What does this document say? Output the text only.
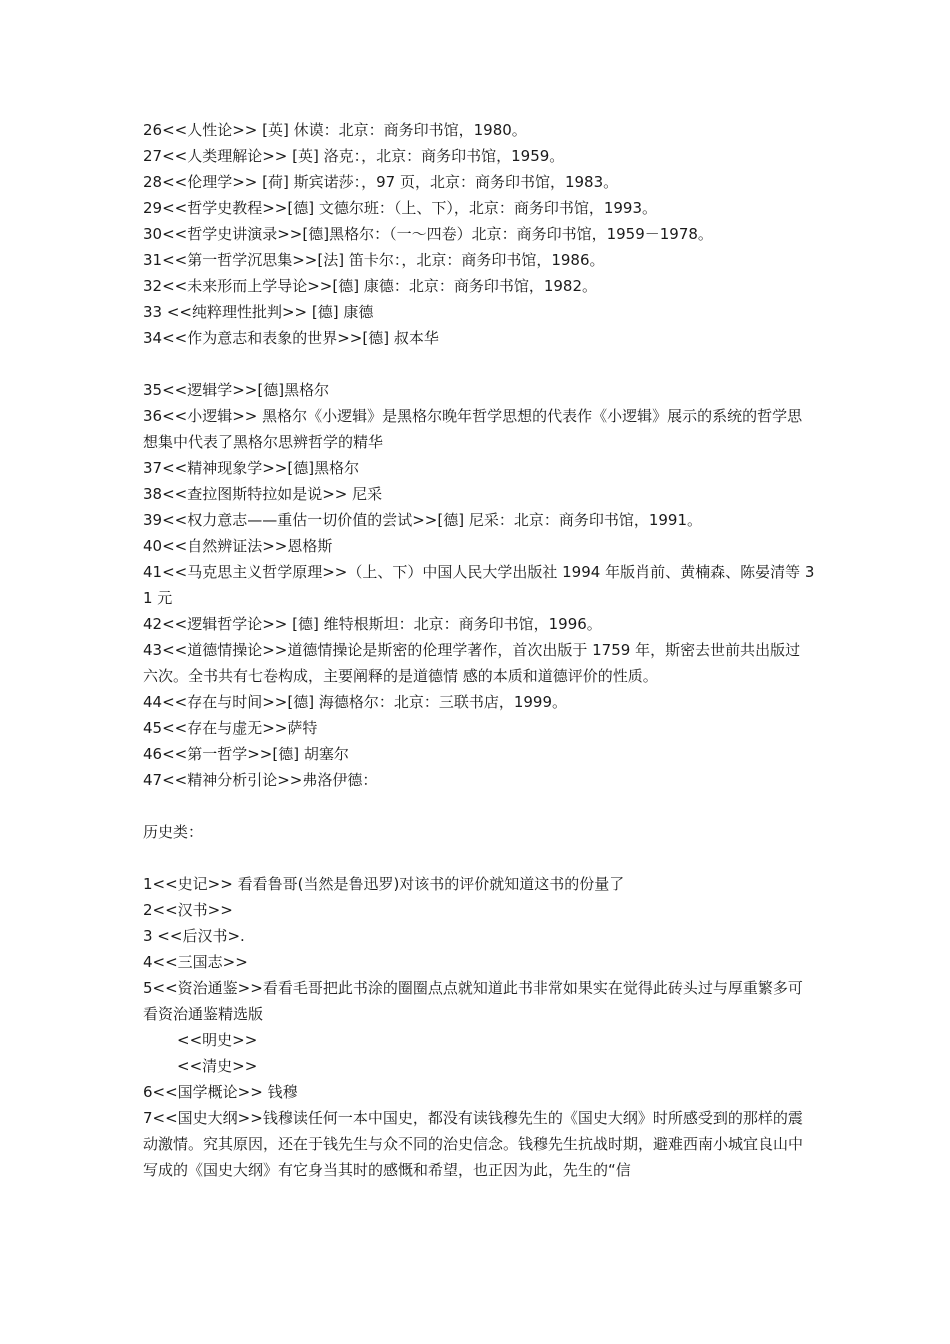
26<<人性论>> [英] 休谟：北京：商务印书馆，1980。
27<<人类理解论>> [英] 洛克：，北京：商务印书馆，1959。
28<<伦理学>> [荷] 斯宾诺莎：，97 页，北京：商务印书馆，1983。
29<<哲学史教程>>[德] 文德尔班：（上、下），北京：商务印书馆，1993。
30<<哲学史讲演录>>[德]黑格尔：（一～四卷）北京：商务印书馆，1959－1978。
31<<第一哲学沉思集>>[法] 笛卡尔：，北京：商务印书馆，1986。
32<<未来形而上学导论>>[德] 康德：北京：商务印书馆，1982。
33 <<纯粹理性批判>> [德] 康德
34<<作为意志和表象的世界>>[德] 叔本华
35<<逻辑学>>[德]黑格尔
36<<小逻辑>> 黑格尔《小逻辑》是黑格尔晚年哲学思想的代表作《小逻辑》展示的系统的哲学思想集中代表了黑格尔思辨哲学的精华
37<<精神现象学>>[德]黑格尔
38<<查拉图斯特拉如是说>> 尼采
39<<权力意志——重估一切价值的尝试>>[德] 尼采：北京：商务印书馆，1991。
40<<自然辨证法>>恩格斯
41<<马克思主义哲学原理>>（上、下）中国人民大学出版社 1994 年版肖前、黄楠森、陈晏清等 31 元
42<<逻辑哲学论>> [德] 维特根斯坦：北京：商务印书馆，1996。
43<<道德情操论>>道德情操论是斯密的伦理学著作，首次出版于 1759 年，斯密去世前共出版过六次。全书共有七卷构成，主要阐释的是道德情 感的本质和道德评价的性质。
44<<存在与时间>>[德] 海德格尔：北京：三联书店，1999。
45<<存在与虚无>>萨特
46<<第一哲学>>[德] 胡塞尔
47<<精神分析引论>>弗洛伊德：
历史类：
1<<史记>> 看看鲁哥(当然是鲁迅罗)对该书的评价就知道这书的份量了
2<<汉书>>
3 <<后汉书>.
4<<三国志>>
5<<资治通鉴>>看看毛哥把此书涂的圈圈点点就知道此书非常如果实在觉得此砖头过与厚重繁多可看资治通鉴精选版
<<明史>>
<<清史>>
6<<国学概论>> 钱穆
7<<国史大纲>>钱穆读任何一本中国史，都没有读钱穆先生的《国史大纲》时所感受到的那样的震动激情。究其原因，还在于钱先生与众不同的治史信念。钱穆先生抗战时期，避难西南小城宜良山中写成的《国史大纲》有它身当其时的感慨和希望，也正因为此，先生的“信
